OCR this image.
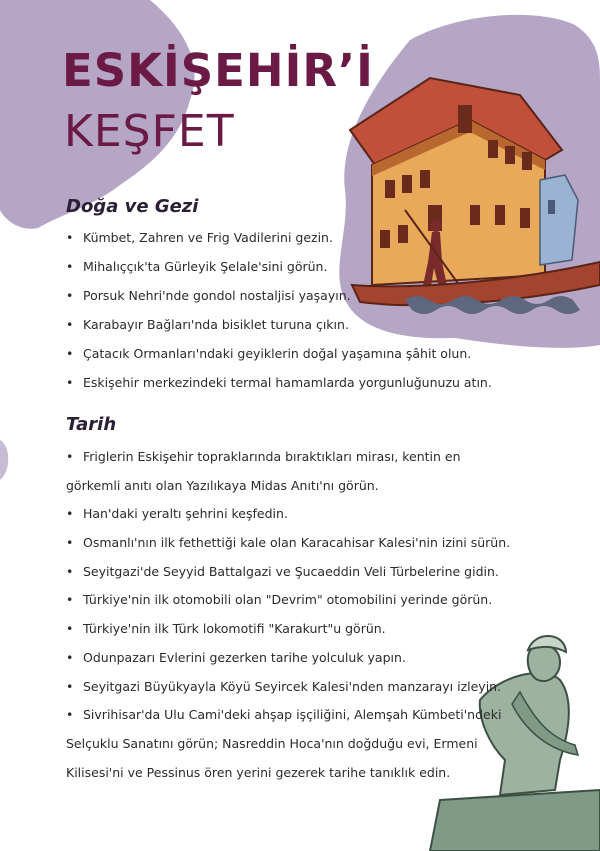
ESKİŞEHİR’İ
KEŞFET
Doğa ve Gezi
• Kümbet, Zahren ve Frig Vadilerini gezin.
• Mihalıççık'ta Gürleyik Şelale'sini görün.
• Porsuk Nehri'nde gondol nostaljisi yaşayın.
• Karabayır Bağları'nda bisiklet turuna çıkın.
• Çatacık Ormanları'ndaki geyiklerin doğal yaşamına şâhit olun.
• Eskişehir merkezindeki termal hamamlarda yorgunluğunuzu atın.
Tarih
• Friglerin Eskişehir topraklarında bıraktıkları mirası, kentin en
görkemli anıtı olan Yazılıkaya Midas Anıtı'nı görün.
• Han'daki yeraltı şehrini keşfedin.
• Osmanlı'nın ilk fethettiği kale olan Karacahisar Kalesi'nin izini sürün.
• Seyitgazi'de Seyyid Battalgazi ve Şucaeddin Veli Türbelerine gidin.
• Türkiye'nin ilk otomobili olan "Devrim" otomobilini yerinde görün.
• Türkiye'nin ilk Türk lokomotifi "Karakurt"u görün.
• Odunpazarı Evlerini gezerken tarihe yolculuk yapın.
• Seyitgazi Büyükyayla Köyü Seyircek Kalesi'nden manzarayı izleyin.
• Sivrihisar'da Ulu Cami'deki ahşap işçiliğini, Alemşah Kümbeti'ndeki
Selçuklu Sanatını görün; Nasreddin Hoca'nın doğduğu evi, Ermeni
Kilisesi'ni ve Pessinus ören yerini gezerek tarihe tanıklık edin.
